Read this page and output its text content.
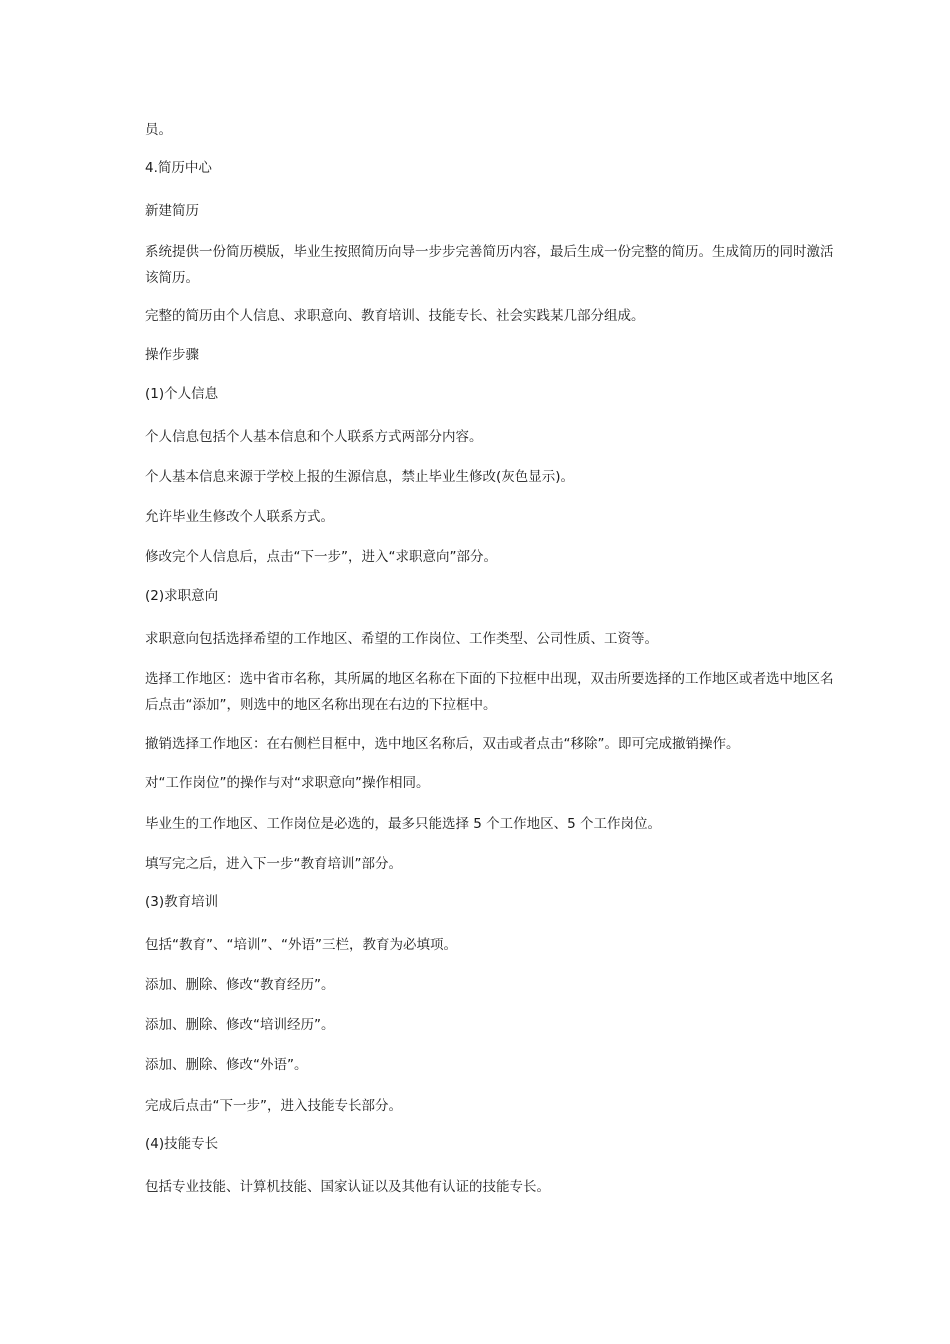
员。
4.简历中心
新建简历
系统提供一份简历模版，毕业生按照简历向导一步步完善简历内容，最后生成一份完整的简历。生成简历的同时激活该简历。
完整的简历由个人信息、求职意向、教育培训、技能专长、社会实践某几部分组成。
操作步骤
(1)个人信息
个人信息包括个人基本信息和个人联系方式两部分内容。
个人基本信息来源于学校上报的生源信息，禁止毕业生修改(灰色显示)。
允许毕业生修改个人联系方式。
修改完个人信息后，点击“下一步”，进入“求职意向”部分。
(2)求职意向
求职意向包括选择希望的工作地区、希望的工作岗位、工作类型、公司性质、工资等。
选择工作地区：选中省市名称，其所属的地区名称在下面的下拉框中出现，双击所要选择的工作地区或者选中地区名后点击“添加”，则选中的地区名称出现在右边的下拉框中。
撤销选择工作地区：在右侧栏目框中，选中地区名称后，双击或者点击“移除”。即可完成撤销操作。
对“工作岗位”的操作与对“求职意向”操作相同。
毕业生的工作地区、工作岗位是必选的，最多只能选择 5 个工作地区、5 个工作岗位。
填写完之后，进入下一步“教育培训”部分。
(3)教育培训
包括“教育”、“培训”、“外语”三栏，教育为必填项。
添加、删除、修改“教育经历”。
添加、删除、修改“培训经历”。
添加、删除、修改“外语”。
完成后点击“下一步”，进入技能专长部分。
(4)技能专长
包括专业技能、计算机技能、国家认证以及其他有认证的技能专长。
